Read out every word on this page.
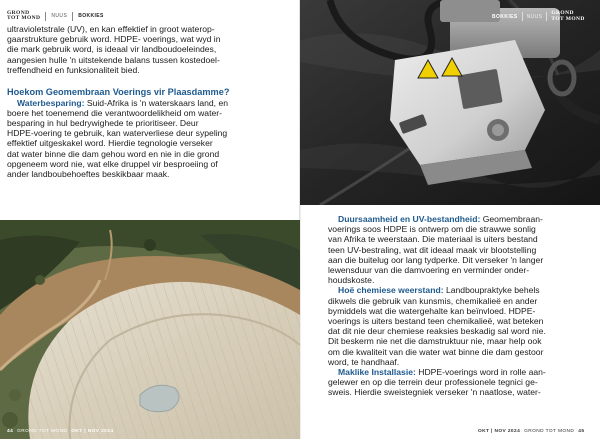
GROND
TOT MOND NUUS BOKKIES

ultravioletstrale (UV), en kan effektief in groot waterop-

gaarstrukture gebruik word. HDPE- voerings, wat wyd in

die mark gebruik word, is ideaal vir landboudoeleindes,

aangesien hulle 'n uitstekende balans tussen kostedoel-

treffendheid en funksionaliteit bied.

Hoekom Geomembraan Voerings vir Plaasdamme?

Waterbesparing: Suid-Afrika is 'n waterskaars land, en

boere het toenemend die verantwoordelikheid om water-

besparing in hul bedrywighede te prioritiseer. Deur

HDPE-voering te gebruik, kan waterverliese deur sypeling

effektief uitgeskakel word. Hierdie tegnologie verseker

dat water binne die dam gehou word en nie in die grond

opgeneem word nie, wat elke druppel vir besproeiing of

ander landboubehoeftes beskikbaar maak.

BOKKIES NUUS
GROND
TOT MOND

Duursaamheid en UV-bestandheid: Geomembraan-

voerings soos HDPE is ontwerp om die strawwe sonlig

van Afrika te weerstaan. Die materiaal is uiters bestand

teen UV-bestraling, wat dit ideaal maak vir blootstelling

aan die buitelug oor lang tydperke. Dit verseker 'n langer

lewensduur van die damvoering en verminder onder-

houdskoste.

Hoë chemiese weerstand: Landboupraktyke behels

dikwels die gebruik van kunsmis, chemikalieë en ander

bymiddels wat die watergehalte kan beïnvloed. HDPE-

voerings is uiters bestand teen chemikalieë, wat beteken

dat dit nie deur chemiese reaksies beskadig sal word nie.

Dit beskerm nie net die damstruktuur nie, maar help ook

om die kwaliteit van die water wat binne die dam gestoor

word, te handhaaf.

Maklike Installasie: HDPE-voerings word in rolle aan-

gelewer en op die terrein deur professionele tegnici ge-

sweis. Hierdie sweistegniek verseker 'n naatlose, water-

44 GROND TOT MOND OKT | NOV 2024	OKT | NOV 2024 GROND TOT MOND 45
